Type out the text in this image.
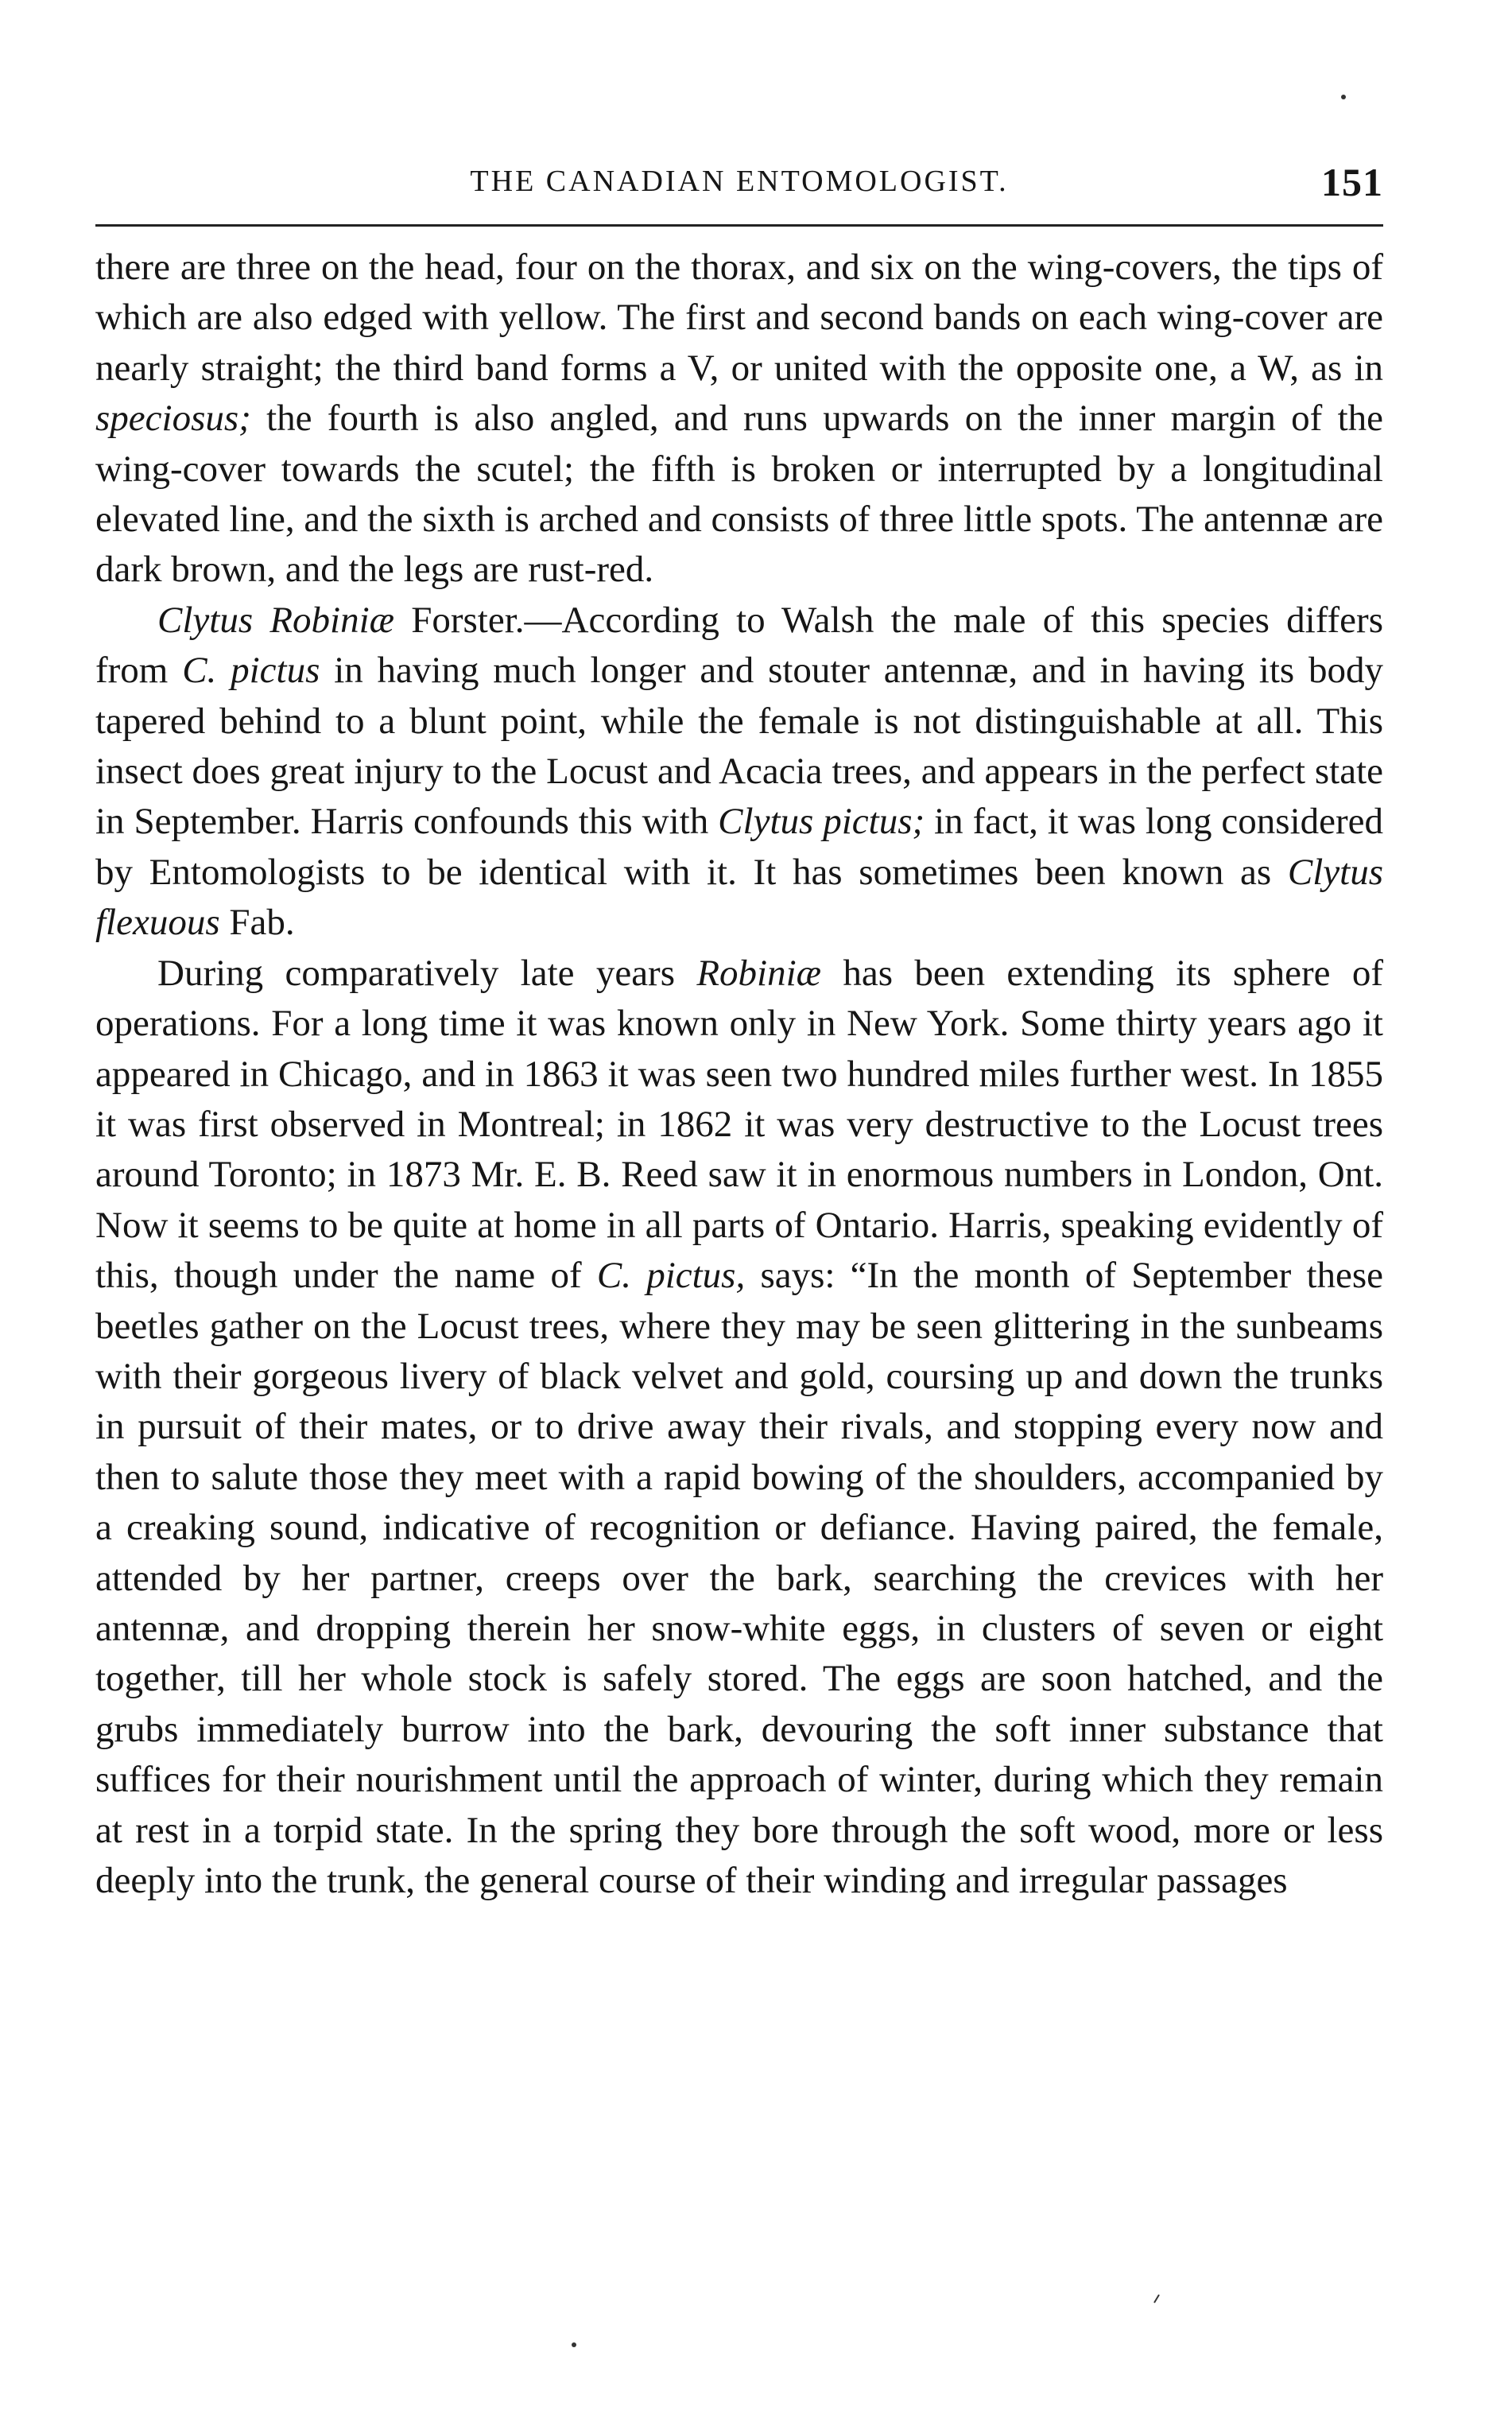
THE CANADIAN ENTOMOLOGIST.	151

there are three on the head, four on the thorax, and six on the wing-covers, the tips of which are also edged with yellow. The first and second bands on each wing-cover are nearly straight; the third band forms a V, or united with the opposite one, a W, as in speciosus; the fourth is also angled, and runs upwards on the inner margin of the wing-cover towards the scutel; the fifth is broken or interrupted by a longitudinal elevated line, and the sixth is arched and consists of three little spots. The antennæ are dark brown, and the legs are rust-red.

Clytus Robiniæ Forster.—According to Walsh the male of this species differs from C. pictus in having much longer and stouter antennæ, and in having its body tapered behind to a blunt point, while the female is not distinguishable at all. This insect does great injury to the Locust and Acacia trees, and appears in the perfect state in September. Harris confounds this with Clytus pictus; in fact, it was long considered by Entomologists to be identical with it. It has sometimes been known as Clytus flexuous Fab.

During comparatively late years Robiniæ has been extending its sphere of operations. For a long time it was known only in New York. Some thirty years ago it appeared in Chicago, and in 1863 it was seen two hundred miles further west. In 1855 it was first observed in Montreal; in 1862 it was very destructive to the Locust trees around Toronto; in 1873 Mr. E. B. Reed saw it in enormous numbers in London, Ont. Now it seems to be quite at home in all parts of Ontario. Harris, speaking evidently of this, though under the name of C. pictus, says: “In the month of September these beetles gather on the Locust trees, where they may be seen glittering in the sunbeams with their gorgeous livery of black velvet and gold, coursing up and down the trunks in pursuit of their mates, or to drive away their rivals, and stopping every now and then to salute those they meet with a rapid bowing of the shoulders, accompanied by a creaking sound, indicative of recognition or defiance. Having paired, the female, attended by her partner, creeps over the bark, searching the crevices with her antennæ, and dropping therein her snow-white eggs, in clusters of seven or eight together, till her whole stock is safely stored. The eggs are soon hatched, and the grubs immediately burrow into the bark, devouring the soft inner substance that suffices for their nourishment until the approach of winter, during which they remain at rest in a torpid state. In the spring they bore through the soft wood, more or less deeply into the trunk, the general course of their winding and irregular passages
